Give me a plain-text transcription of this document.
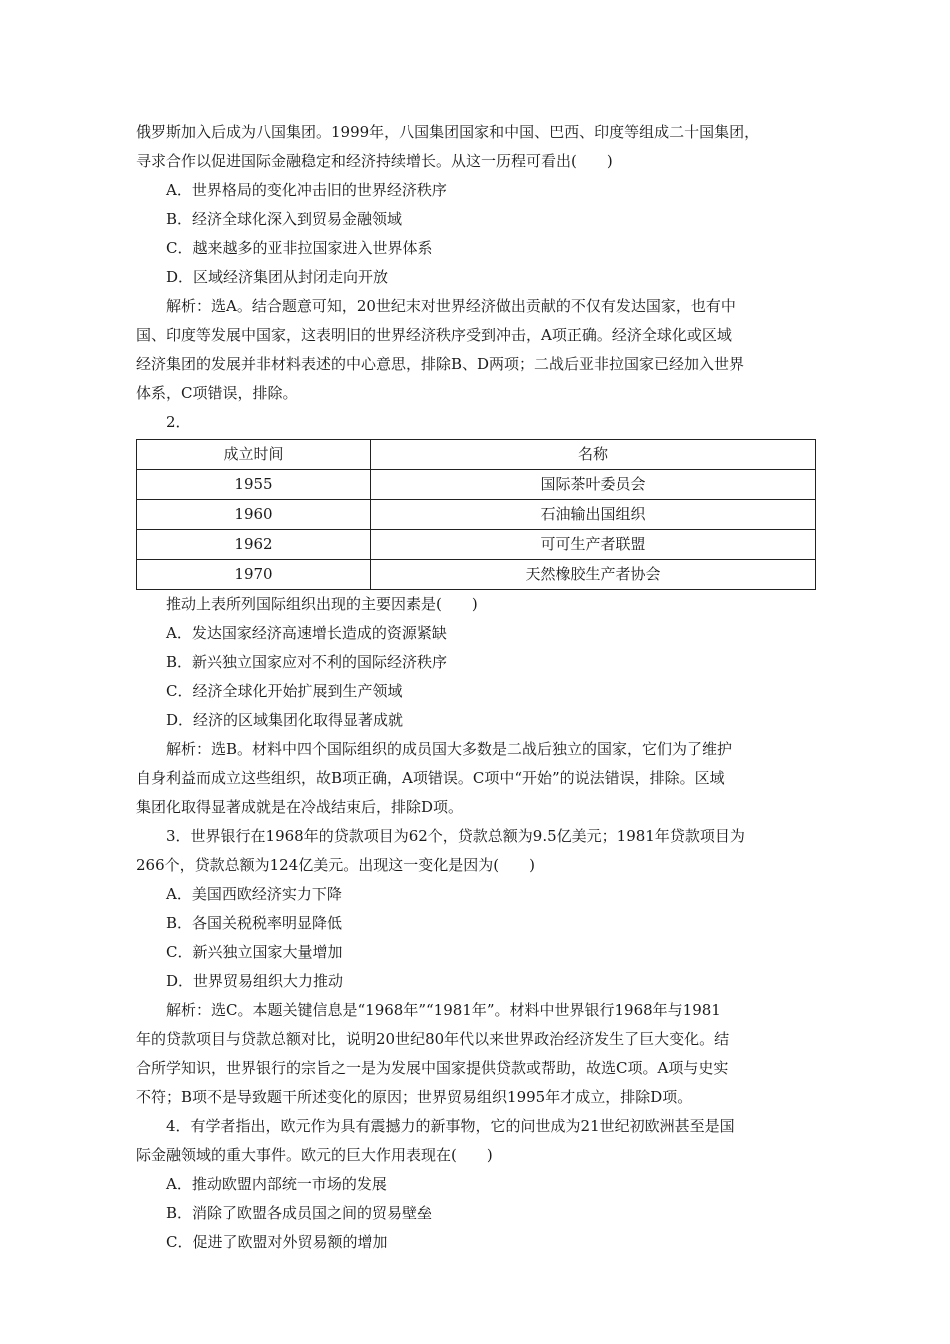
俄罗斯加入后成为八国集团。1999年，八国集团国家和中国、巴西、印度等组成二十国集团，

寻求合作以促进国际金融稳定和经济持续增长。从这一历程可看出(　　)

A．世界格局的变化冲击旧的世界经济秩序

B．经济全球化深入到贸易金融领域

C．越来越多的亚非拉国家进入世界体系

D．区域经济集团从封闭走向开放

解析：选A。结合题意可知，20世纪末对世界经济做出贡献的不仅有发达国家，也有中

国、印度等发展中国家，这表明旧的世界经济秩序受到冲击，A项正确。经济全球化或区域

经济集团的发展并非材料表述的中心意思，排除B、D两项；二战后亚非拉国家已经加入世界

体系，C项错误，排除。

2．

成立时间	名称
1955	国际茶叶委员会
1960	石油输出国组织
1962	可可生产者联盟
1970	天然橡胶生产者协会

推动上表所列国际组织出现的主要因素是(　　)

A．发达国家经济高速增长造成的资源紧缺

B．新兴独立国家应对不利的国际经济秩序

C．经济全球化开始扩展到生产领域

D．经济的区域集团化取得显著成就

解析：选B。材料中四个国际组织的成员国大多数是二战后独立的国家，它们为了维护

自身利益而成立这些组织，故B项正确，A项错误。C项中“开始”的说法错误，排除。区域

集团化取得显著成就是在冷战结束后，排除D项。

3．世界银行在1968年的贷款项目为62个，贷款总额为9.5亿美元；1981年贷款项目为

266个，贷款总额为124亿美元。出现这一变化是因为(　　)

A．美国西欧经济实力下降

B．各国关税税率明显降低

C．新兴独立国家大量增加

D．世界贸易组织大力推动

解析：选C。本题关键信息是“1968年”“1981年”。材料中世界银行1968年与1981

年的贷款项目与贷款总额对比，说明20世纪80年代以来世界政治经济发生了巨大变化。结

合所学知识，世界银行的宗旨之一是为发展中国家提供贷款或帮助，故选C项。A项与史实

不符；B项不是导致题干所述变化的原因；世界贸易组织1995年才成立，排除D项。

4．有学者指出，欧元作为具有震撼力的新事物，它的问世成为21世纪初欧洲甚至是国

际金融领域的重大事件。欧元的巨大作用表现在(　　)

A．推动欧盟内部统一市场的发展

B．消除了欧盟各成员国之间的贸易壁垒

C．促进了欧盟对外贸易额的增加
